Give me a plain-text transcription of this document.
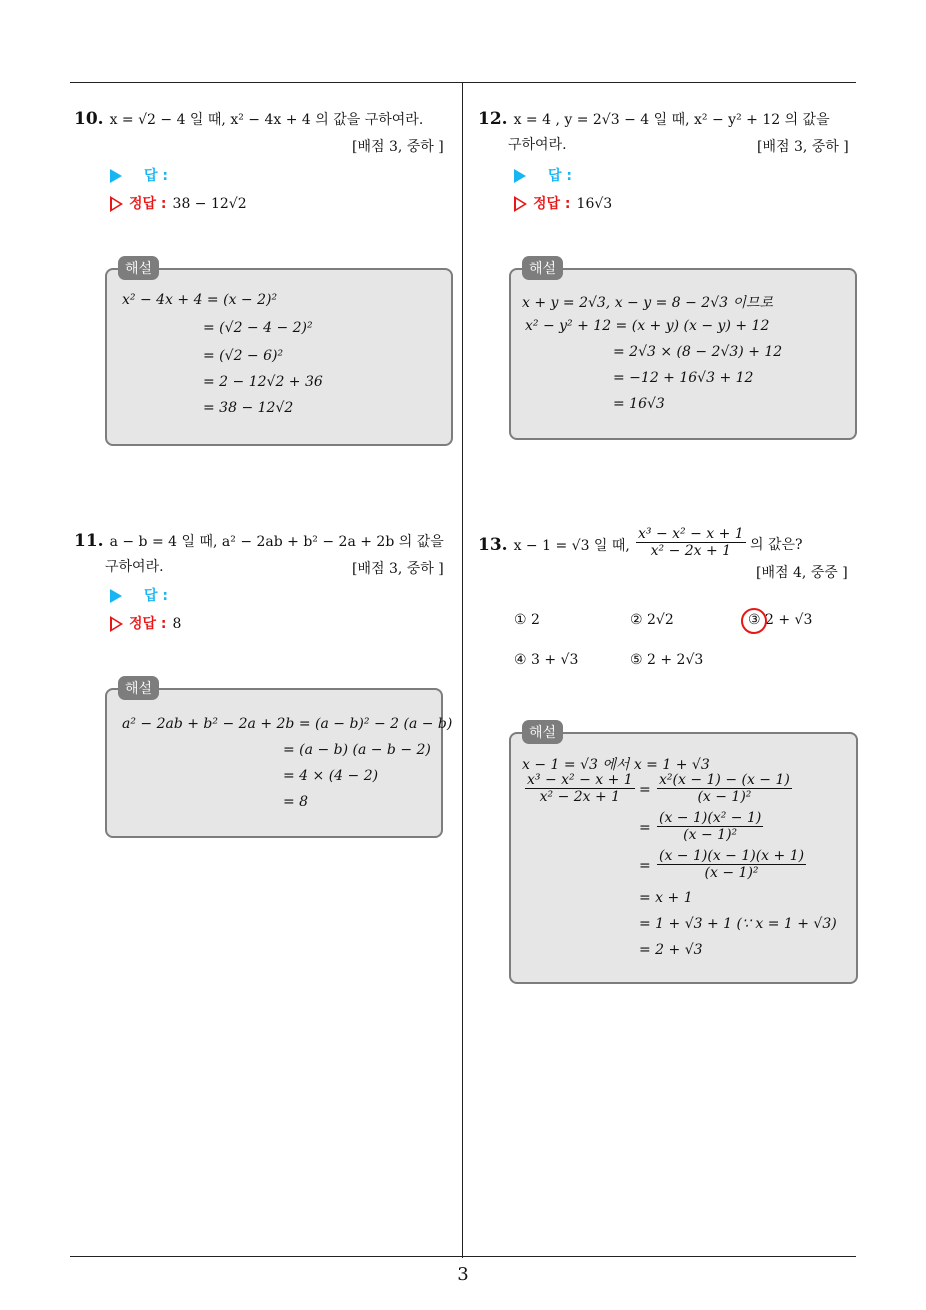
10. x = √2 − 4 일 때, x² − 4x + 4 의 값을 구하여라.
[배점 3, 중하 ]
답 :
정답 : 38 − 12√2
x² − 4x + 4 = (x − 2)²
= (√2 − 4 − 2)²
= (√2 − 6)²
= 2 − 12√2 + 36
= 38 − 12√2
해설
11. a − b = 4 일 때, a² − 2ab + b² − 2a + 2b 의 값을
구하여라.	[배점 3, 중하 ]
답 :
정답 : 8
a² − 2ab + b² − 2a + 2b = (a − b)² − 2 (a − b)
= (a − b) (a − b − 2)
= 4 × (4 − 2)
= 8
해설
12. x = 4 , y = 2√3 − 4 일 때, x² − y² + 12 의 값을
구하여라.	[배점 3, 중하 ]
답 :
정답 : 16√3
x + y = 2√3, x − y = 8 − 2√3 이므로
x² − y² + 12 = (x + y) (x − y) + 12
= 2√3 × (8 − 2√3) + 12
= −12 + 16√3 + 12
= 16√3
해설
13. x − 1 = √3 일 때, $\frac{\text{x³ − x² − x + 1}}{\text{x² − 2x + 1}}$ 의 값은?
[배점 4, 중중 ]
① 2	② 2√2	③ 2 + √3
④ 3 + √3	⑤ 2 + 2√3
x − 1 = √3 에서 x = 1 + √3
$\frac{\text{x³ − x² − x + 1}}{\text{x² − 2x + 1}} = \frac{\text{x²(x − 1) − (x − 1)}}{\text{(x − 1)²}}$
= $\frac{\text{(x − 1)(x² − 1)}}{\text{(x − 1)²}}$
= $\frac{(x - 1)(x - 1)(x + 1)}{\text{(x − 1)²}}$
= x + 1
= 1 + √3 + 1 (∵ x = 1 + √3)
= 2 + √3
해설
3
